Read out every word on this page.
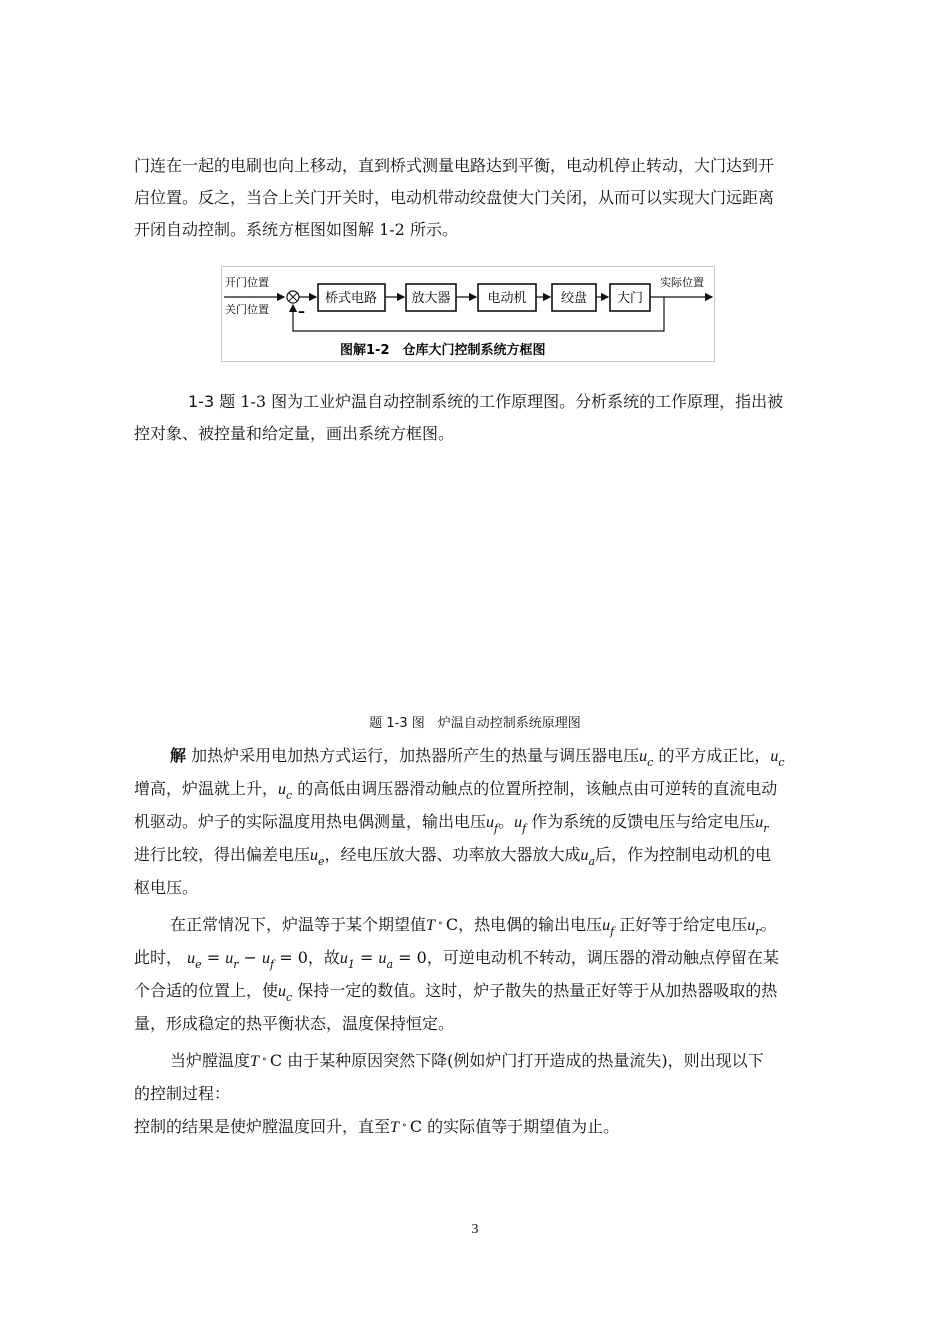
门连在一起的电刷也向上移动，直到桥式测量电路达到平衡，电动机停止转动，大门达到开
启位置。反之，当合上关门开关时，电动机带动绞盘使大门关闭，从而可以实现大门远距离
开闭自动控制。系统方框图如图解 1-2 所示。
开门位置
关门位置 –
桥式电路	放大器	电动机	绞盘 大门
实际位置
图解1-2　仓库大门控制系统方框图
1-3 题 1-3 图为工业炉温自动控制系统的工作原理图。分析系统的工作原理，指出被
控对象、被控量和给定量，画出系统方框图。
题 1-3 图　炉温自动控制系统原理图
解 加热炉采用电加热方式运行，加热器所产生的热量与调压器电压$u_c$ 的平方成正比，$u_c$
增高，炉温就上升，$u_c$ 的高低由调压器滑动触点的位置所控制，该触点由可逆转的直流电动
机驱动。炉子的实际温度用热电偶测量，输出电压$u_f$。$u_f$ 作为系统的反馈电压与给定电压$u_r$
进行比较，得出偏差电压$u_e$，经电压放大器、功率放大器放大成$u_a$后，作为控制电动机的电
枢电压。
在正常情况下，炉温等于某个期望值T ∘ C，热电偶的输出电压$u_f$ 正好等于给定电压$u_r$。
此时， $u_e = u_r - u_f = 0$，故$u_1 = u_a = 0$，可逆电动机不转动，调压器的滑动触点停留在某
个合适的位置上，使$u_c$ 保持一定的数值。这时，炉子散失的热量正好等于从加热器吸取的热
量，形成稳定的热平衡状态，温度保持恒定。
当炉膛温度T ∘ C 由于某种原因突然下降(例如炉门打开造成的热量流失)，则出现以下
的控制过程：
控制的结果是使炉膛温度回升，直至T ∘ C 的实际值等于期望值为止。
3
